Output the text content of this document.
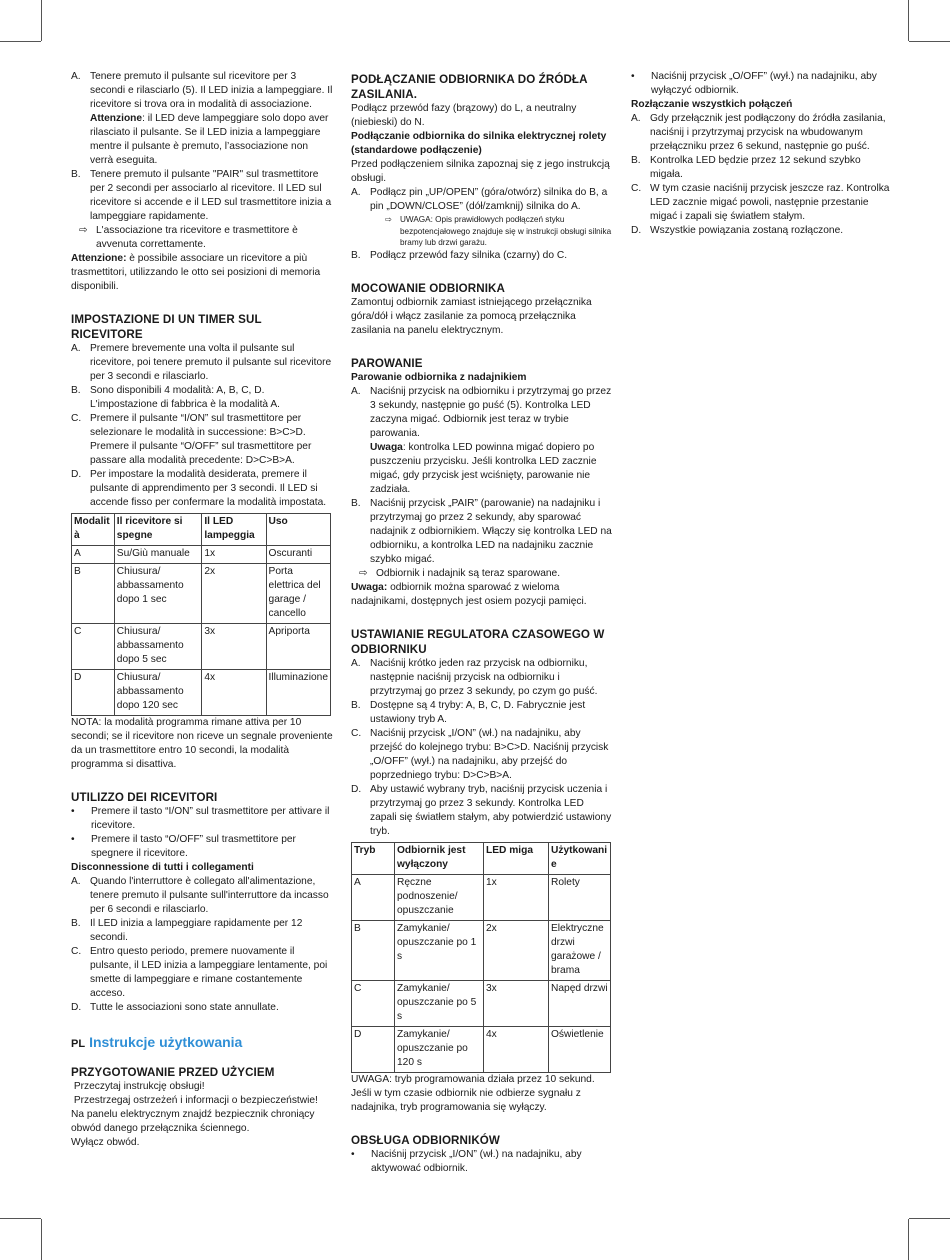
A. Tenere premuto il pulsante sul ricevitore per 3 secondi e rilasciarlo (5). Il LED inizia a lampeggiare. Il ricevitore si trova ora in modalità di associazione. Attenzione: il LED deve lampeggiare solo dopo aver rilasciato il pulsante. Se il LED inizia a lampeggiare mentre il pulsante è premuto, l’associazione non verrà eseguita.
B. Tenere premuto il pulsante "PAIR" sul trasmettitore per 2 secondi per associarlo al ricevitore. Il LED sul ricevitore si accende e il LED sul trasmettitore inizia a lampeggiare rapidamente.

⇨ L'associazione tra ricevitore e trasmettitore è avvenuta correttamente.

Attenzione: è possibile associare un ricevitore a più trasmettitori, utilizzando le otto sei posizioni di memoria disponibili.

IMPOSTAZIONE DI UN TIMER SUL RICEVITORE

A. Premere brevemente una volta il pulsante sul ricevitore, poi tenere premuto il pulsante sul ricevitore per 3 secondi e rilasciarlo.
B. Sono disponibili 4 modalità: A, B, C, D. L'impostazione di fabbrica è la modalità A.
C. Premere il pulsante “I/ON” sul trasmettitore per selezionare le modalità in successione: B>C>D. Premere il pulsante “O/OFF” sul trasmettitore per passare alla modalità precedente: D>C>B>A.
D. Per impostare la modalità desiderata, premere il pulsante di apprendimento per 3 secondi. Il LED si accende fisso per confermare la modalità impostata.
Modalit à	Il ricevitore si spegne	Il LED lampeggia	Uso
A	Su/Giù manuale	1x	Oscuranti
B	Chiusura/ abbassamento dopo 1 sec	2x	Porta elettrica del garage / cancello
C	Chiusura/ abbassamento dopo 5 sec	3x	Apriporta
D	Chiusura/ abbassamento dopo 120 sec	4x	Illuminazione

NOTA: la modalità programma rimane attiva per 10 secondi; se il ricevitore non riceve un segnale proveniente da un trasmettitore entro 10 secondi, la modalità programma si disattiva.

UTILIZZO DEI RICEVITORI

• Premere il tasto “I/ON” sul trasmettitore per attivare il ricevitore.

• Premere il tasto “O/OFF” sul trasmettitore per spegnere il ricevitore.

Disconnessione di tutti i collegamenti

A. Quando l'interruttore è collegato all'alimentazione, tenere premuto il pulsante sull'interruttore da incasso per 6 secondi e rilasciarlo.
B. Il LED inizia a lampeggiare rapidamente per 12 secondi.
C. Entro questo periodo, premere nuovamente il pulsante, il LED inizia a lampeggiare lentamente, poi smette di lampeggiare e rimane costantemente acceso.
D. Tutte le associazioni sono state annullate.
PL Instrukcje użytkowania

PRZYGOTOWANIE PRZED UŻYCIEM

Przeczytaj instrukcję obsługi!

Przestrzegaj ostrzeżeń i informacji o bezpieczeństwie!

Na panelu elektrycznym znajdź bezpiecznik chroniący obwód danego przełącznika ściennego.

Wyłącz obwód.

PODŁĄCZANIE ODBIORNIKA DO ŹRÓDŁA ZASILANIA.

Podłącz przewód fazy (brązowy) do L, a neutralny (niebieski) do N.

Podłączanie odbiornika do silnika elektrycznej rolety (standardowe podłączenie)

Przed podłączeniem silnika zapoznaj się z jego instrukcją obsługi.

A. Podłącz pin „UP/OPEN” (góra/otwórz) silnika do B, a pin „DOWN/CLOSE” (dół/zamknij) silnika do A.

⇨ UWAGA: Opis prawidłowych podłączeń styku bezpotencjałowego znajduje się w instrukcji obsługi silnika bramy lub drzwi garażu.

B. Podłącz przewód fazy silnika (czarny) do C.

MOCOWANIE ODBIORNIKA

Zamontuj odbiornik zamiast istniejącego przełącznika góra/dół i włącz zasilanie za pomocą przełącznika zasilania na panelu elektrycznym.

PAROWANIE

Parowanie odbiornika z nadajnikiem

A. Naciśnij przycisk na odbiorniku i przytrzymaj go przez 3 sekundy, następnie go puść (5). Kontrolka LED zaczyna migać. Odbiornik jest teraz w trybie parowania.
Uwaga: kontrolka LED powinna migać dopiero po puszczeniu przycisku. Jeśli kontrolka LED zacznie migać, gdy przycisk jest wciśnięty, parowanie nie zadziała.
B. Naciśnij przycisk „PAIR” (parowanie) na nadajniku i przytrzymaj go przez 2 sekundy, aby sparować nadajnik z odbiornikiem. Włączy się kontrolka LED na odbiorniku, a kontrolka LED na nadajniku zacznie szybko migać.

⇨ Odbiornik i nadajnik są teraz sparowane.

Uwaga: odbiornik można sparować z wieloma nadajnikami, dostępnych jest osiem pozycji pamięci.

USTAWIANIE REGULATORA CZASOWEGO W ODBIORNIKU

A. Naciśnij krótko jeden raz przycisk na odbiorniku, następnie naciśnij przycisk na odbiorniku i przytrzymaj go przez 3 sekundy, po czym go puść.
B. Dostępne są 4 tryby: A, B, C, D. Fabrycznie jest ustawiony tryb A.
C. Naciśnij przycisk „I/ON” (wł.) na nadajniku, aby przejść do kolejnego trybu: B>C>D. Naciśnij przycisk „O/OFF” (wył.) na nadajniku, aby przejść do poprzedniego trybu: D>C>B>A.
D. Aby ustawić wybrany tryb, naciśnij przycisk uczenia i przytrzymaj go przez 3 sekundy. Kontrolka LED zapali się światłem stałym, aby potwierdzić ustawiony tryb.
Tryb	Odbiornik jest wyłączony	LED miga	Użytkowani e
A	Ręczne podnoszenie/ opuszczanie	1x	Rolety
B	Zamykanie/ opuszczanie po 1 s	2x	Elektryczne drzwi garażowe / brama
C	Zamykanie/ opuszczanie po 5 s	3x	Napęd drzwi
D	Zamykanie/ opuszczanie po 120 s	4x	Oświetlenie

UWAGA: tryb programowania działa przez 10 sekund. Jeśli w tym czasie odbiornik nie odbierze sygnału z nadajnika, tryb programowania się wyłączy.

OBSŁUGA ODBIORNIKÓW

• Naciśnij przycisk „I/ON” (wł.) na nadajniku, aby aktywować odbiornik.

• Naciśnij przycisk „O/OFF” (wył.) na nadajniku, aby wyłączyć odbiornik.

Rozłączanie wszystkich połączeń

A. Gdy przełącznik jest podłączony do źródła zasilania, naciśnij i przytrzymaj przycisk na wbudowanym przełączniku przez 6 sekund, następnie go puść.
B. Kontrolka LED będzie przez 12 sekund szybko migała.
C. W tym czasie naciśnij przycisk jeszcze raz. Kontrolka LED zacznie migać powoli, następnie przestanie migać i zapali się światłem stałym.
D. Wszystkie powiązania zostaną rozłączone.
